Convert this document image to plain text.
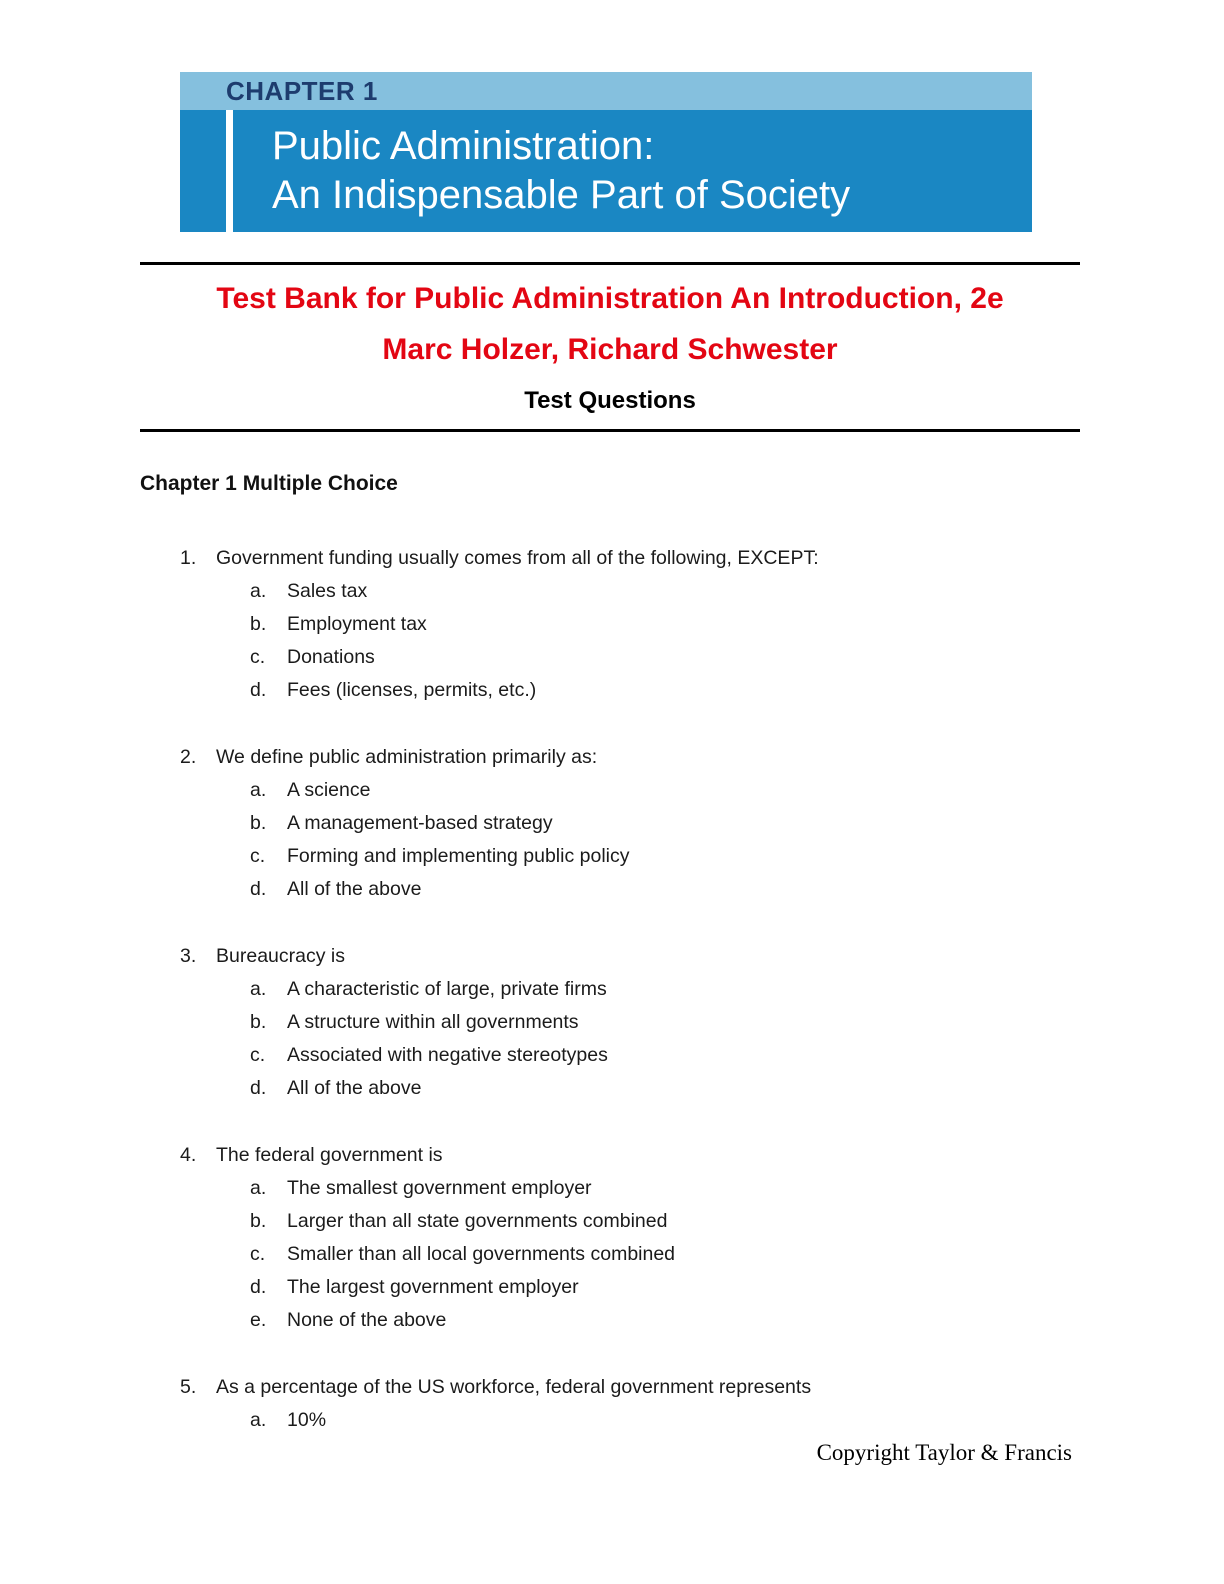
CHAPTER 1
Public Administration:
An Indispensable Part of Society
Test Bank for Public Administration An Introduction, 2e
Marc Holzer, Richard Schwester
Test Questions
Chapter 1 Multiple Choice
1.	Government funding usually comes from all of the following, EXCEPT:
a.	Sales tax
b.	Employment tax
c.	Donations
d.	Fees (licenses, permits, etc.)
2.	We define public administration primarily as:
a.	A science
b.	A management-based strategy
c.	Forming and implementing public policy
d.	All of the above
3.	Bureaucracy is
a.	A characteristic of large, private firms
b.	A structure within all governments
c.	Associated with negative stereotypes
d.	All of the above
4.	The federal government is
a.	The smallest government employer
b.	Larger than all state governments combined
c.	Smaller than all local governments combined
d.	The largest government employer
e.	None of the above
5.	As a percentage of the US workforce, federal government represents
a.	10%
Copyright Taylor & Francis
